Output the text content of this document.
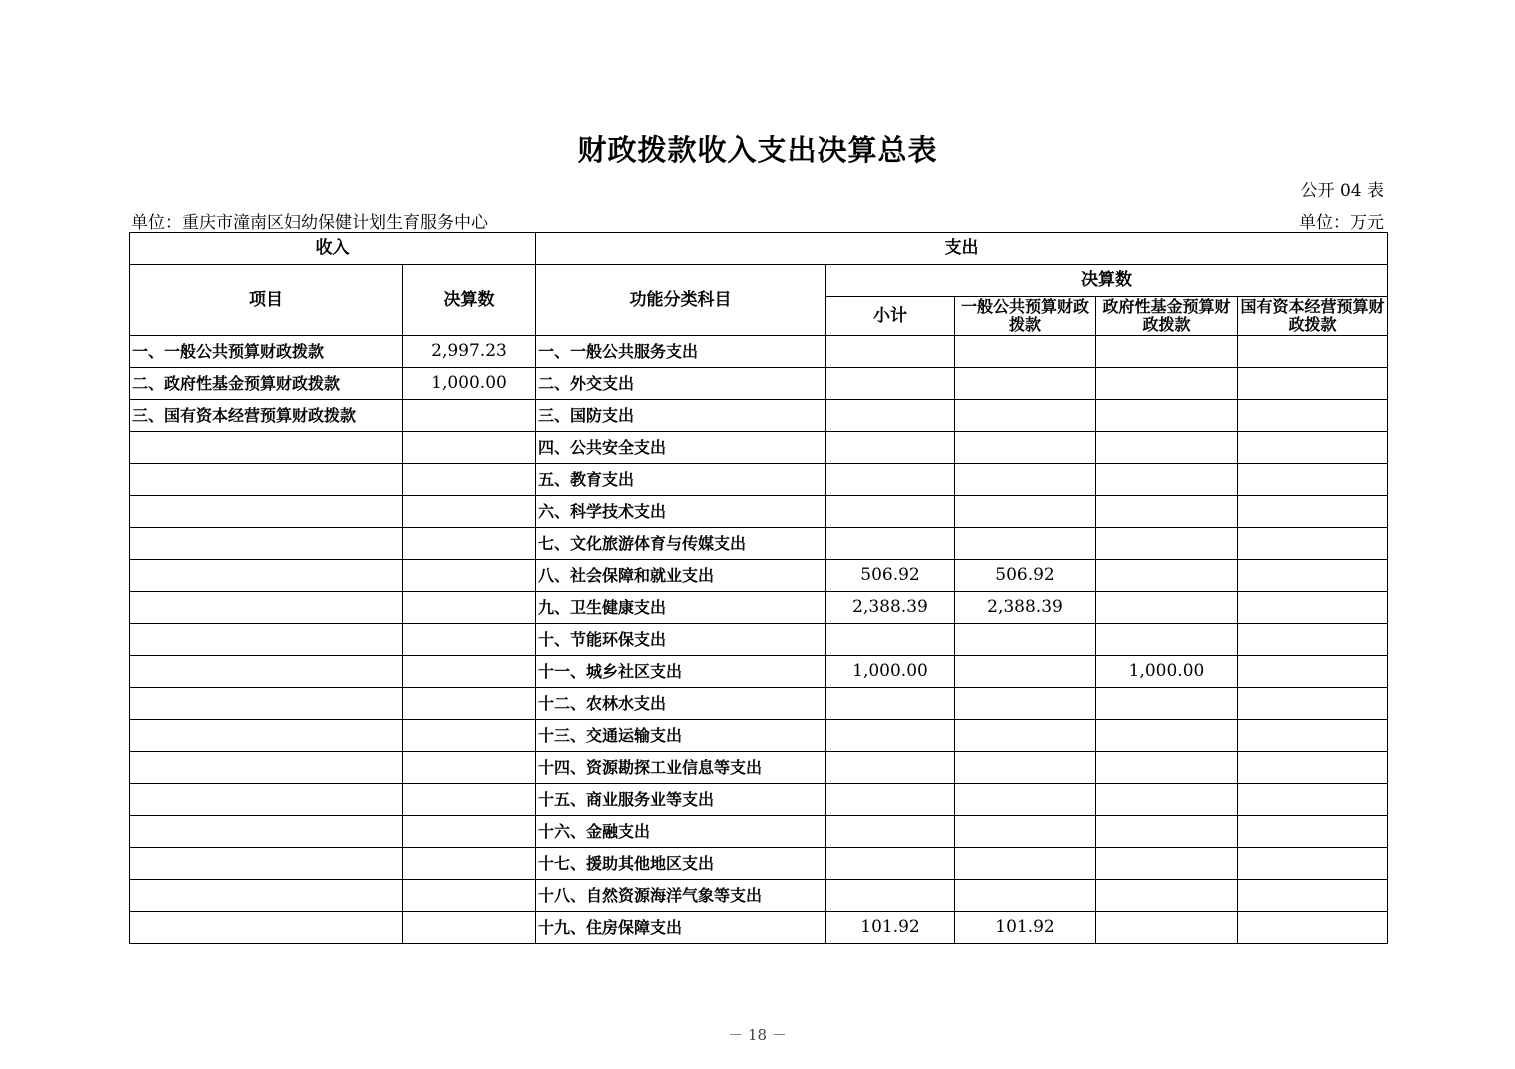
财政拨款收入支出决算总表
公开 04 表
单位：重庆市潼南区妇幼保健计划生育服务中心	单位：万元
收入		支出				
项目	决算数	功能分类科目	决算数			
			小计	一般公共预算财政拨款	政府性基金预算财政拨款	国有资本经营预算财政拨款
一、一般公共预算财政拨款	2,997.23	一、一般公共服务支出				
二、政府性基金预算财政拨款	1,000.00	二、外交支出				
三、国有资本经营预算财政拨款		三、国防支出				
		四、公共安全支出				
		五、教育支出				
		六、科学技术支出				
		七、文化旅游体育与传媒支出				
		八、社会保障和就业支出	506.92	506.92		
		九、卫生健康支出	2,388.39	2,388.39		
		十、节能环保支出				
		十一、城乡社区支出	1,000.00		1,000.00	
		十二、农林水支出				
		十三、交通运输支出				
		十四、资源勘探工业信息等支出				
		十五、商业服务业等支出				
		十六、金融支出				
		十七、援助其他地区支出				
		十八、自然资源海洋气象等支出				
		十九、住房保障支出	101.92	101.92		
－ 18 －
